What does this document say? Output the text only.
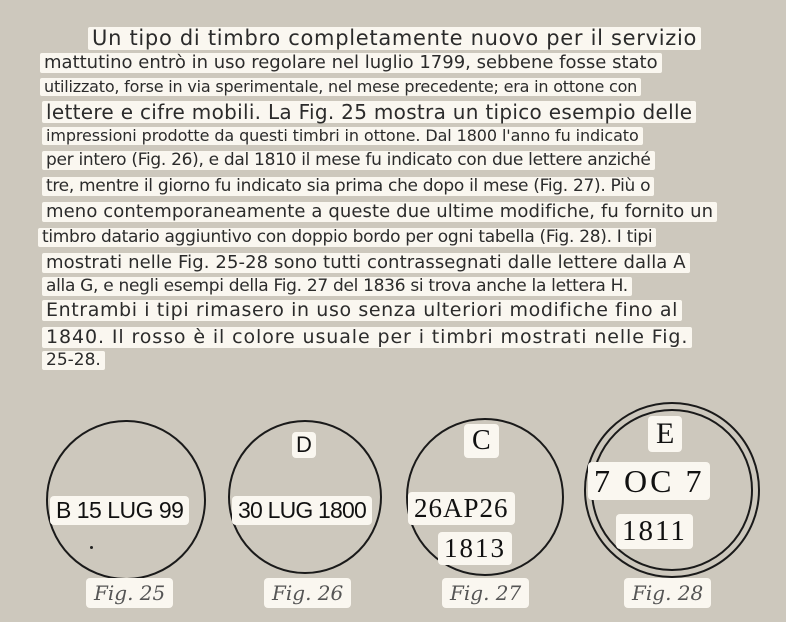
Un tipo di timbro completamente nuovo per il servizio
mattutino entrò in uso regolare nel luglio 1799, sebbene fosse stato
utilizzato, forse in via sperimentale, nel mese precedente; era in ottone con
lettere e cifre mobili. La Fig. 25 mostra un tipico esempio delle
impressioni prodotte da questi timbri in ottone. Dal 1800 l'anno fu indicato
per intero (Fig. 26), e dal 1810 il mese fu indicato con due lettere anziché
tre, mentre il giorno fu indicato sia prima che dopo il mese (Fig. 27). Più o
meno contemporaneamente a queste due ultime modifiche, fu fornito un
timbro datario aggiuntivo con doppio bordo per ogni tabella (Fig. 28). I tipi
mostrati nelle Fig. 25-28 sono tutti contrassegnati dalle lettere dalla A
alla G, e negli esempi della Fig. 27 del 1836 si trova anche la lettera H.
Entrambi i tipi rimasero in uso senza ulteriori modifiche fino al
1840. Il rosso è il colore usuale per i timbri mostrati nelle Fig.
25-28.
B 15 LUG 99
Fig. 25
D
30 LUG 1800
Fig. 26
C
26AP26
1813
Fig. 27
E
7 OC 7
1811
Fig. 28
